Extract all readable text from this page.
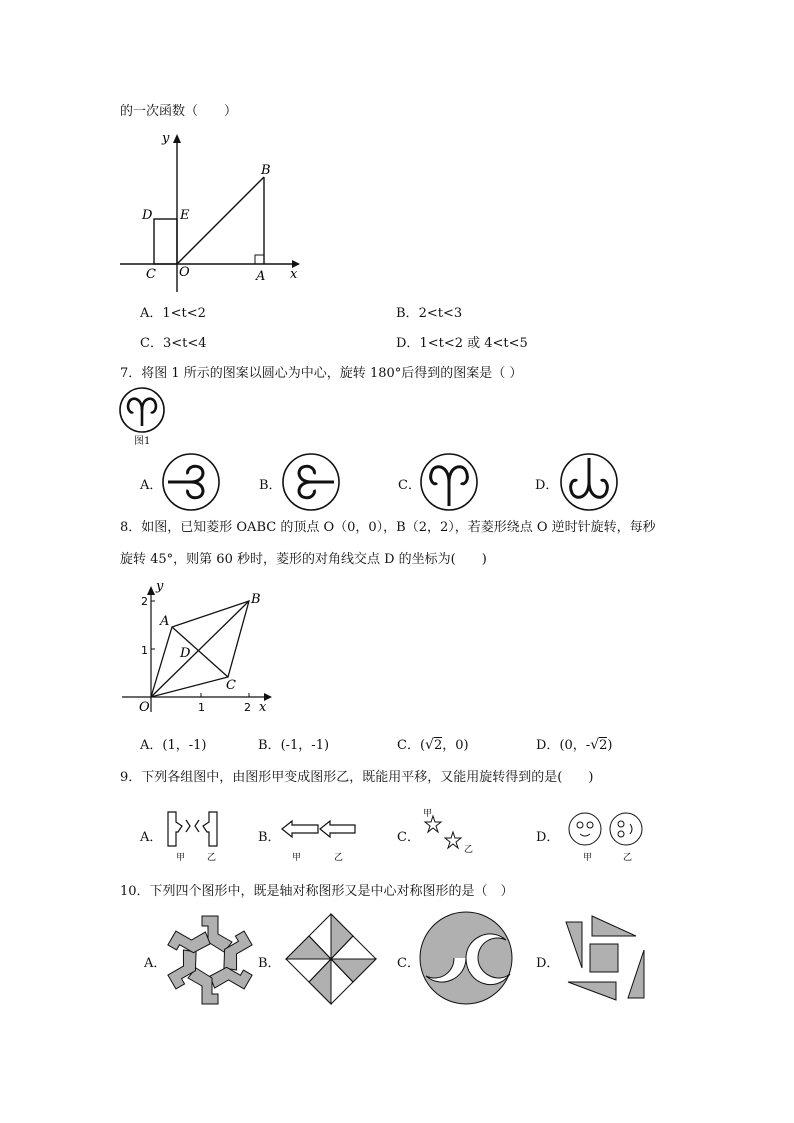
的一次函数（　　）
y
x
B
D E
C O	A
A．1<t<2	B．2<t<3
C．3<t<4	D．1<t<2 或 4<t<5
7．将图 1 所示的图案以圆心为中心，旋转 180°后得到的图案是（ ）
图1
A．	B．	C．	D．
8．如图，已知菱形 OABC 的顶点 O（0，0），B（2，2），若菱形绕点 O 逆时针旋转，每秒
旋转 45°，则第 60 秒时，菱形的对角线交点 D 的坐标为(　　)
y
x
2
1
1	2
O
A
B
C
D
A．(1，-1)	B．(-1，-1)	C．(√2，0)	D．(0，-√2)
9．下列各组图中，由图形甲变成图形乙，既能用平移，又能用旋转得到的是(　　)
A．	B．	C．	D．
甲 乙	甲	乙
甲
乙
甲	乙
10．下列四个图形中，既是轴对称图形又是中心对称图形的是（　）
A．	B．	C．	D．
